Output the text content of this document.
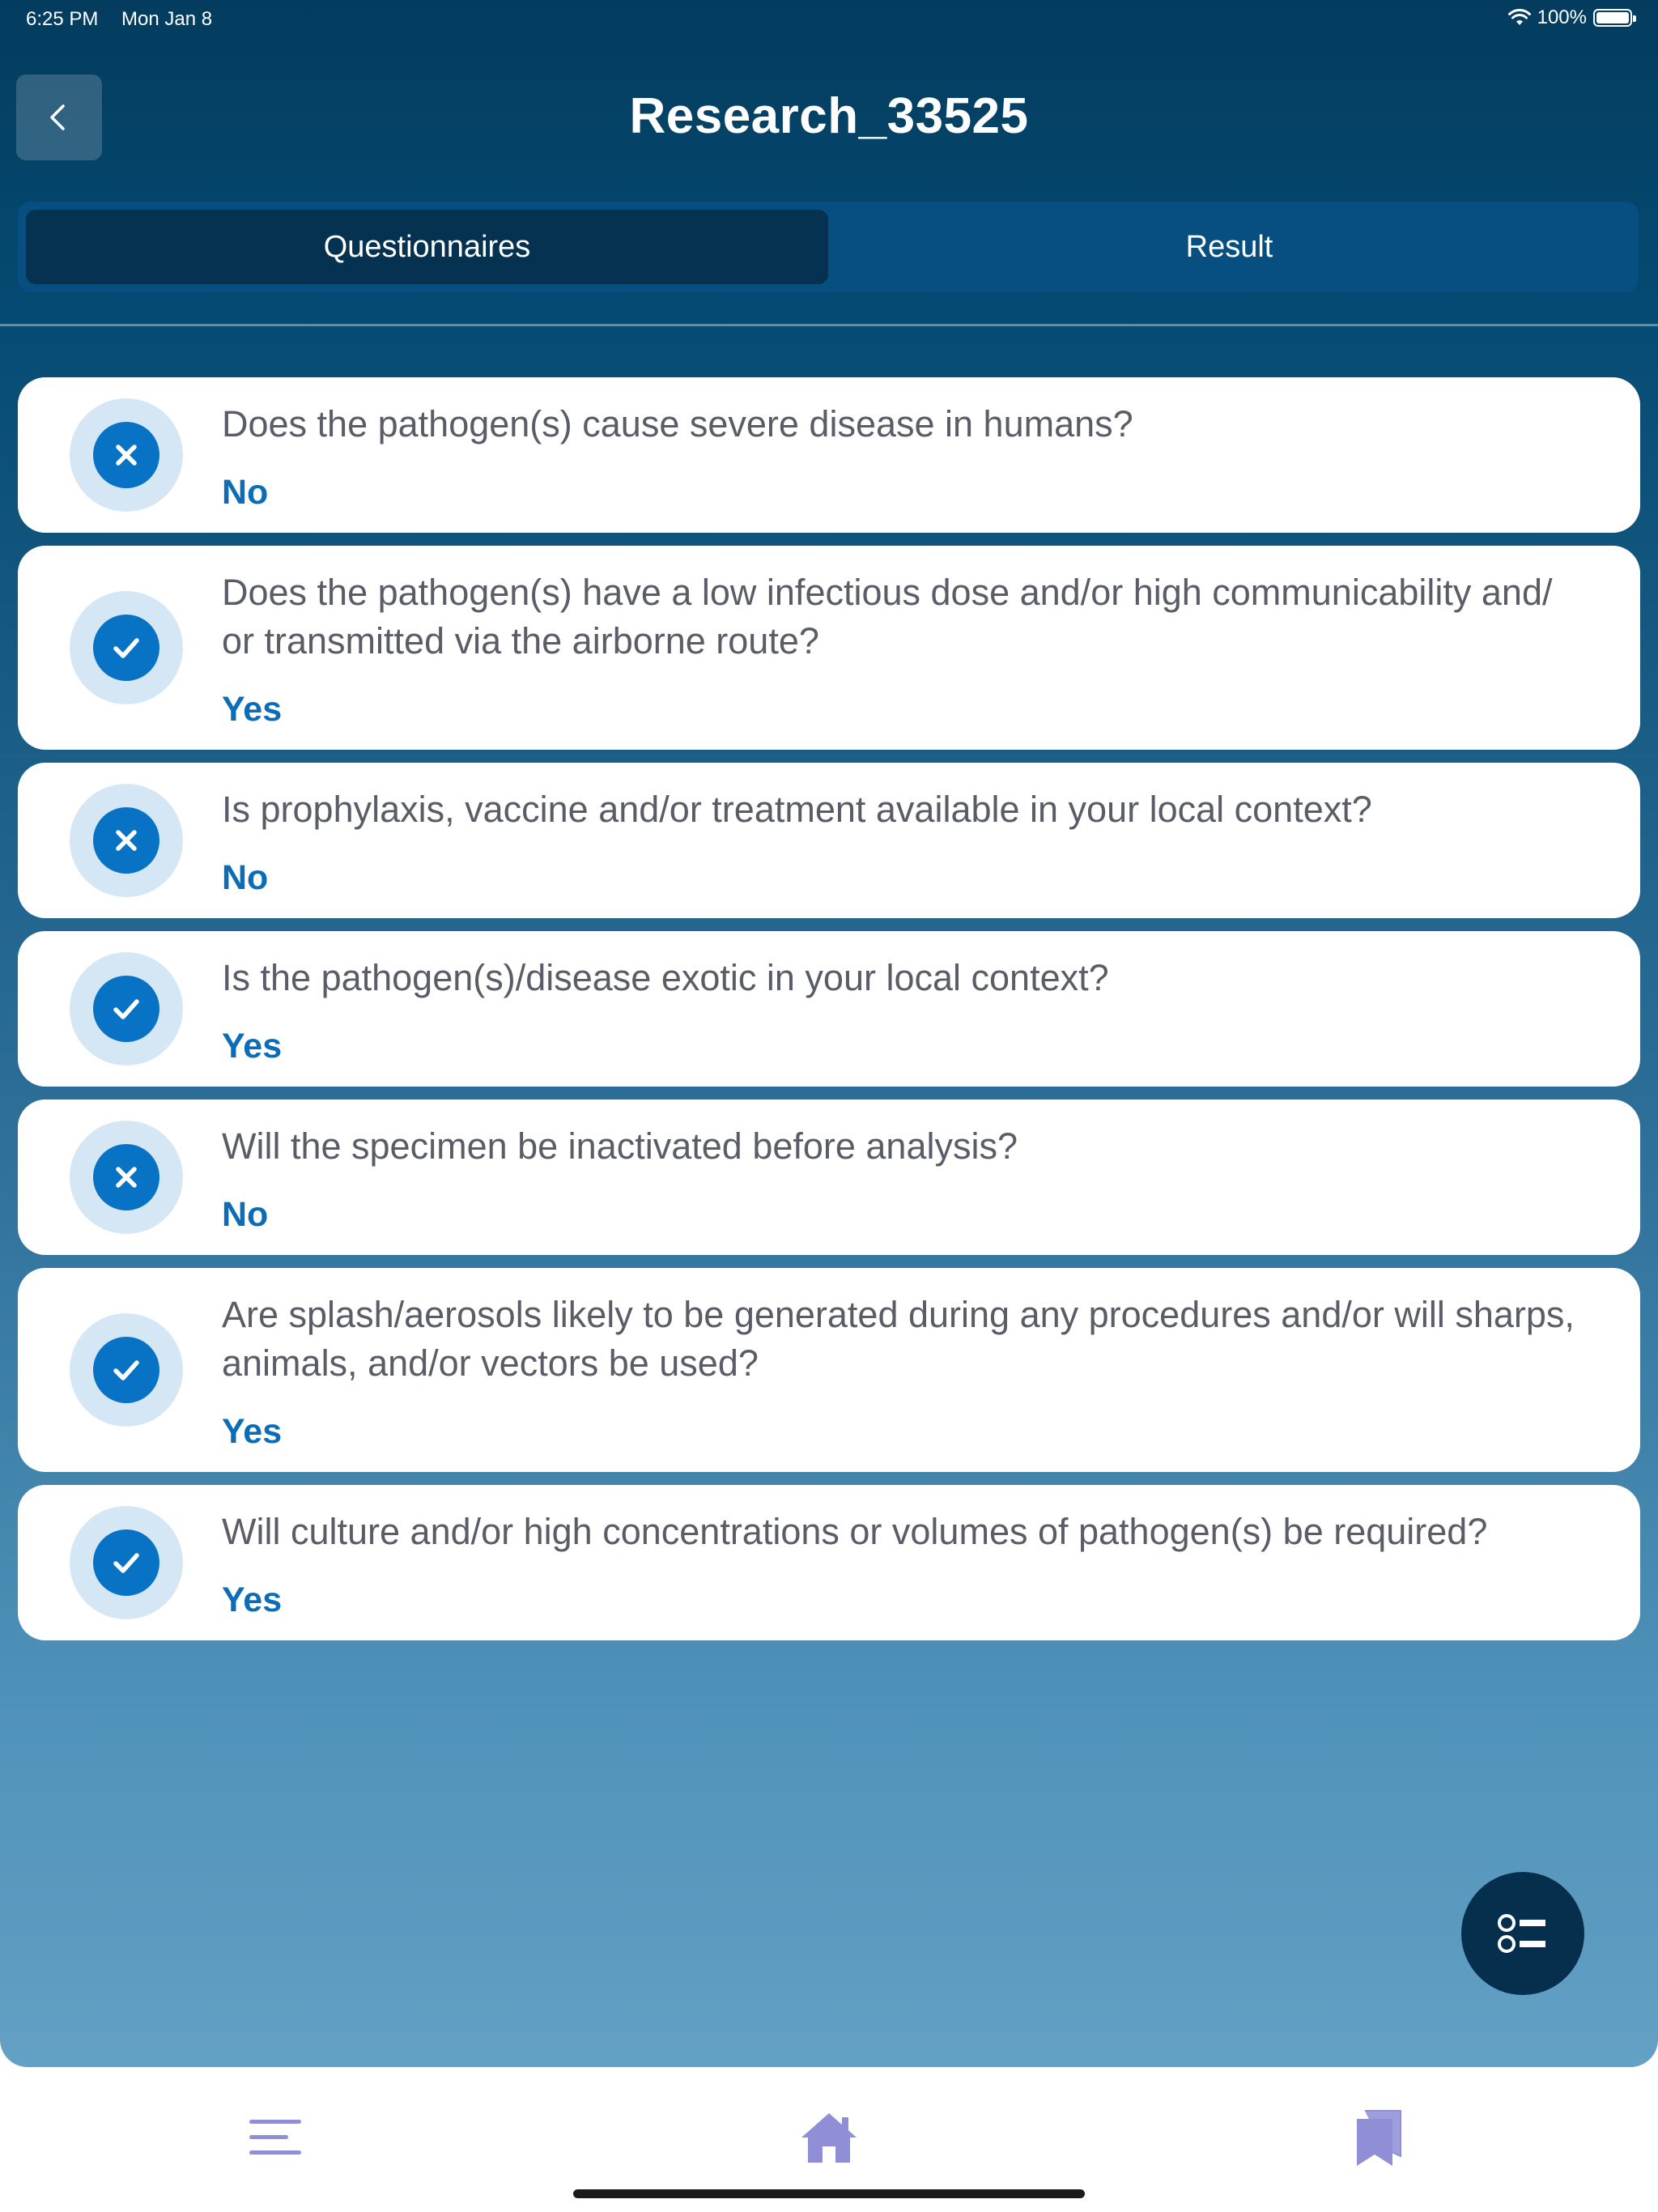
6:25 PM Mon Jan 8	100%
Research_33525
Questionnaires	Result
Does the pathogen(s) cause severe disease in humans?
No
Does the pathogen(s) have a low infectious dose and/or high communicability and/ or transmitted via the airborne route?
Yes
Is prophylaxis, vaccine and/or treatment available in your local context?
No
Is the pathogen(s)/disease exotic in your local context?
Yes
Will the specimen be inactivated before analysis?
No
Are splash/aerosols likely to be generated during any procedures and/or will sharps, animals, and/or vectors be used?
Yes
Will culture and/or high concentrations or volumes of pathogen(s) be required?
Yes
